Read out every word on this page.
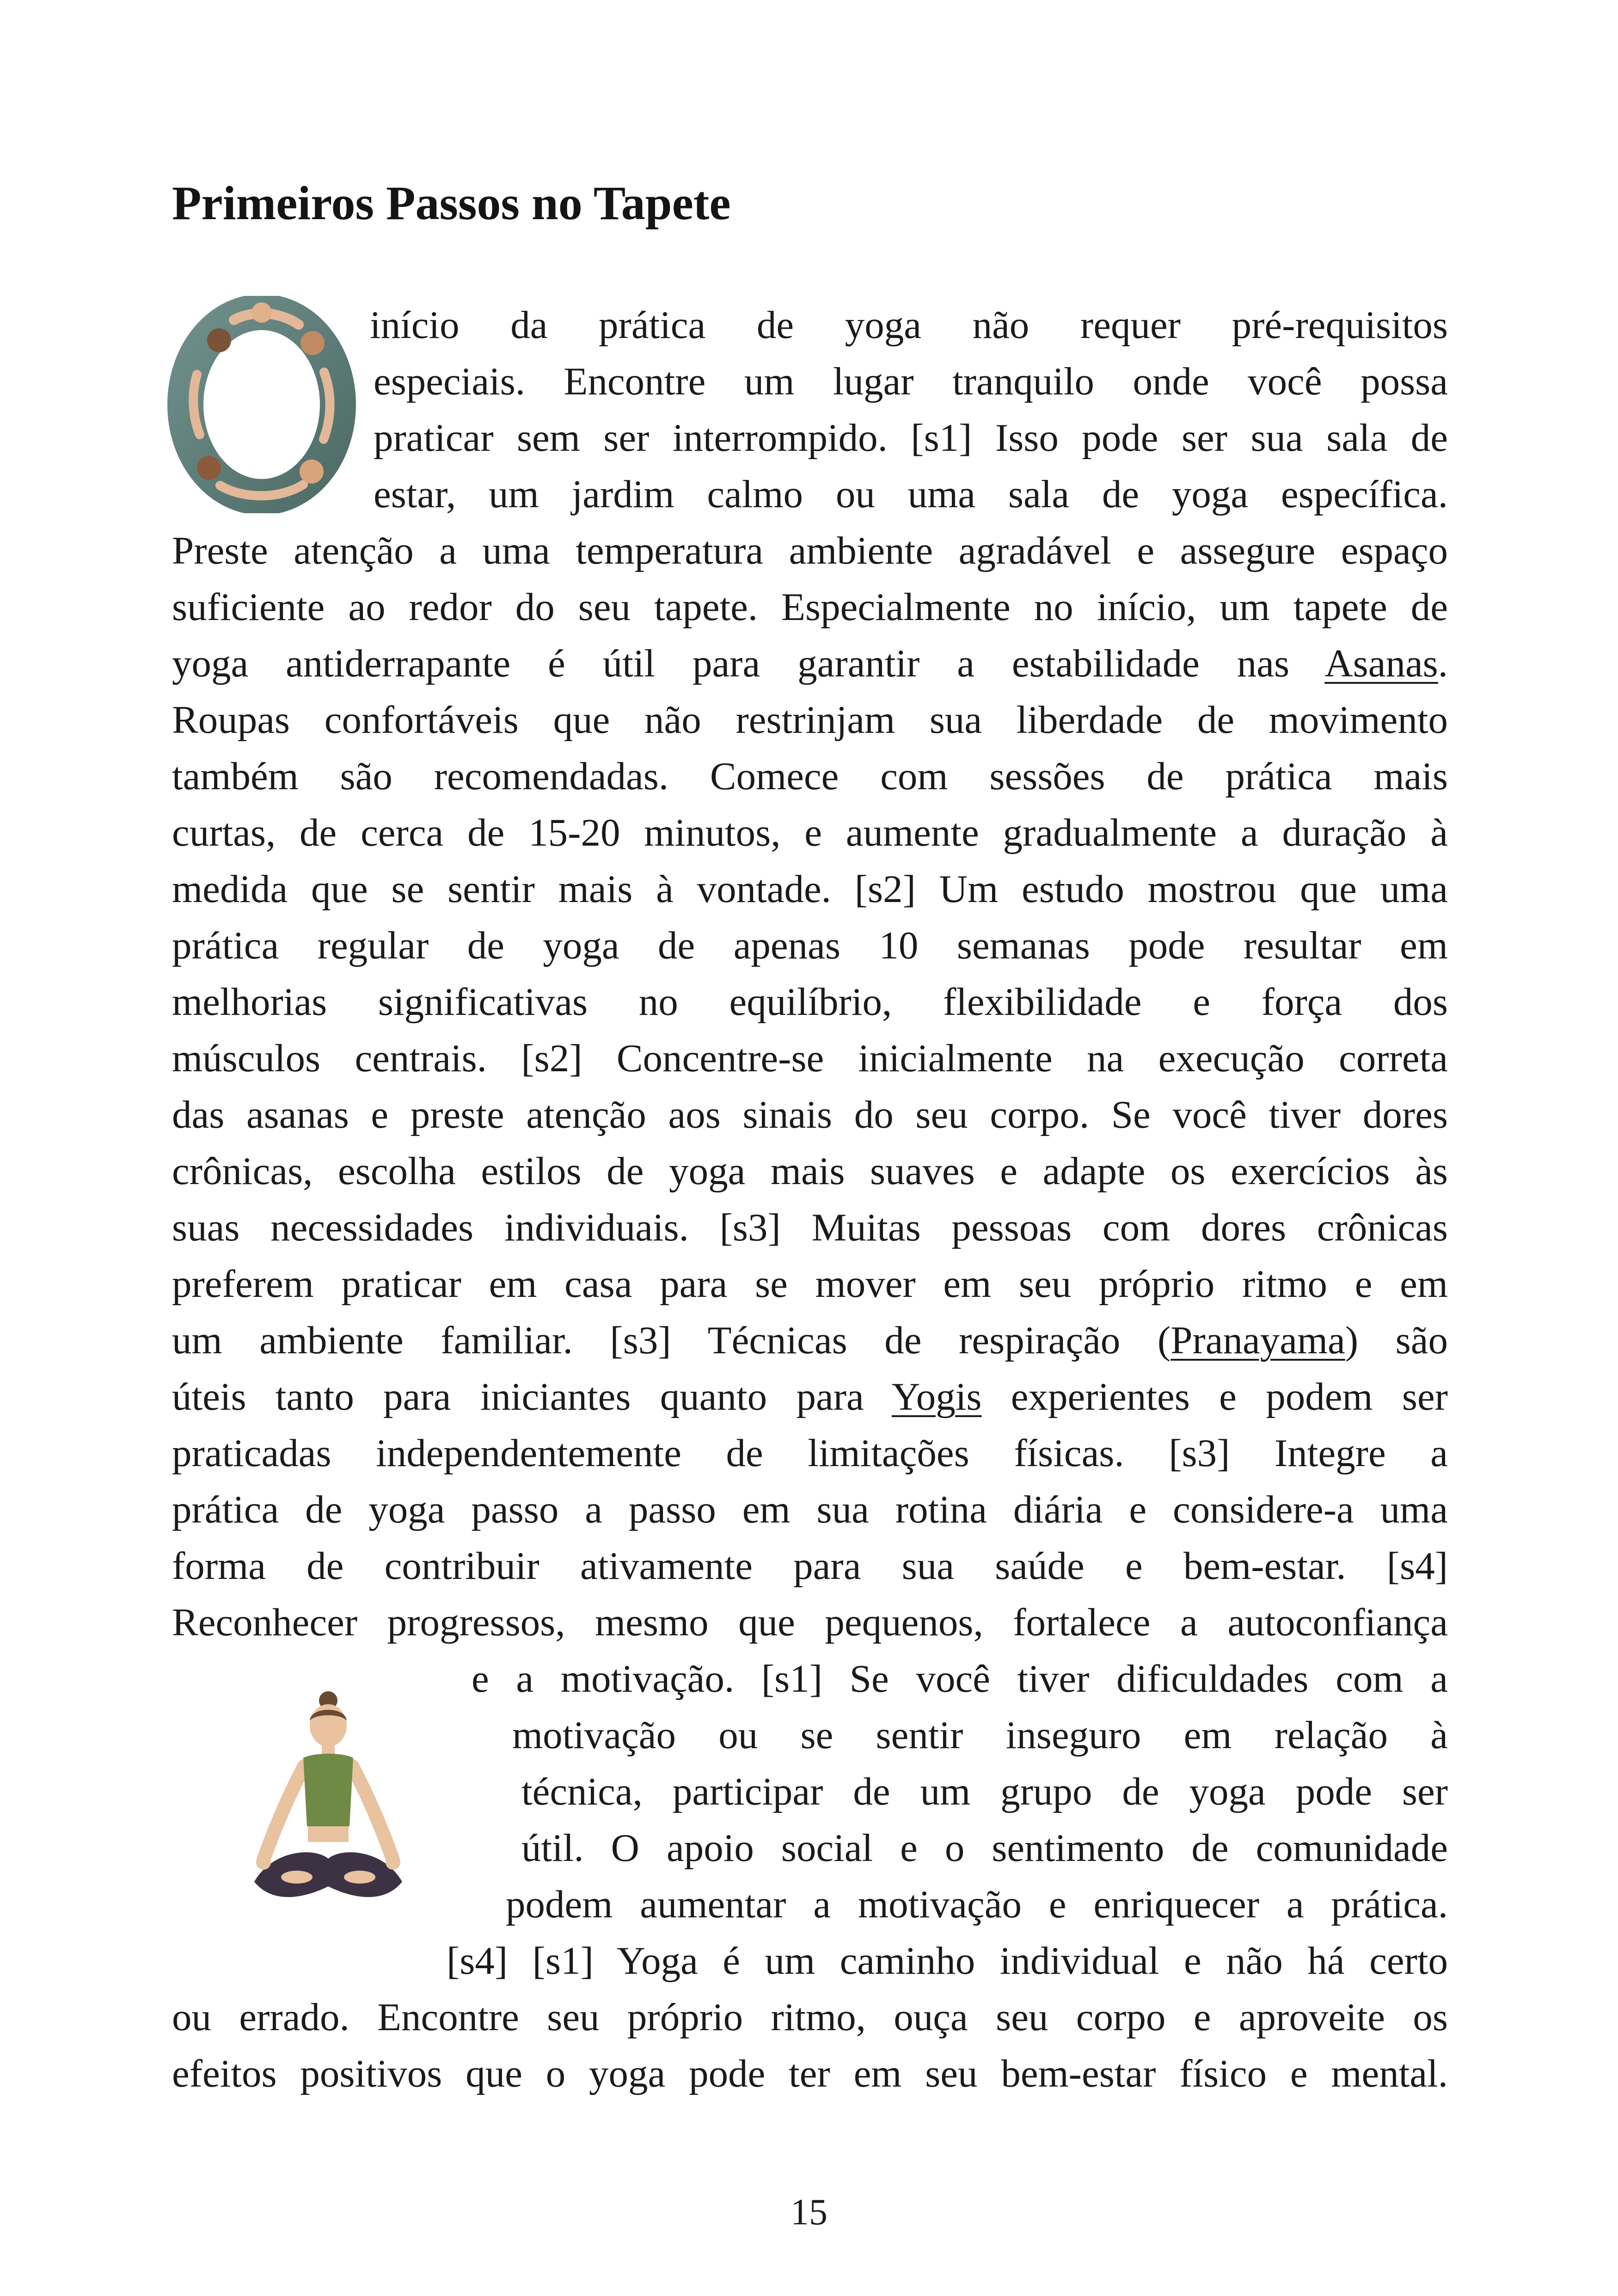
Primeiros Passos no Tapete

início da prática de yoga não requer pré-requisitos

especiais. Encontre um lugar tranquilo onde você possa

praticar sem ser interrompido. [s1] Isso pode ser sua sala de

estar, um jardim calmo ou uma sala de yoga específica.

Preste atenção a uma temperatura ambiente agradável e assegure espaço

suficiente ao redor do seu tapete. Especialmente no início, um tapete de

yoga antiderrapante é útil para garantir a estabilidade nas Asanas.

Roupas confortáveis que não restrinjam sua liberdade de movimento

também são recomendadas. Comece com sessões de prática mais

curtas, de cerca de 15-20 minutos, e aumente gradualmente a duração à

medida que se sentir mais à vontade. [s2] Um estudo mostrou que uma

prática regular de yoga de apenas 10 semanas pode resultar em

melhorias significativas no equilíbrio, flexibilidade e força dos

músculos centrais. [s2] Concentre-se inicialmente na execução correta

das asanas e preste atenção aos sinais do seu corpo. Se você tiver dores

crônicas, escolha estilos de yoga mais suaves e adapte os exercícios às

suas necessidades individuais. [s3] Muitas pessoas com dores crônicas

preferem praticar em casa para se mover em seu próprio ritmo e em

um ambiente familiar. [s3] Técnicas de respiração (Pranayama) são

úteis tanto para iniciantes quanto para Yogis experientes e podem ser

praticadas independentemente de limitações físicas. [s3] Integre a

prática de yoga passo a passo em sua rotina diária e considere-a uma

forma de contribuir ativamente para sua saúde e bem-estar. [s4]

Reconhecer progressos, mesmo que pequenos, fortalece a autoconfiança

e a motivação. [s1] Se você tiver dificuldades com a

motivação ou se sentir inseguro em relação à

técnica, participar de um grupo de yoga pode ser

útil. O apoio social e o sentimento de comunidade

podem aumentar a motivação e enriquecer a prática.

[s4] [s1] Yoga é um caminho individual e não há certo

ou errado. Encontre seu próprio ritmo, ouça seu corpo e aproveite os

efeitos positivos que o yoga pode ter em seu bem-estar físico e mental.

15
